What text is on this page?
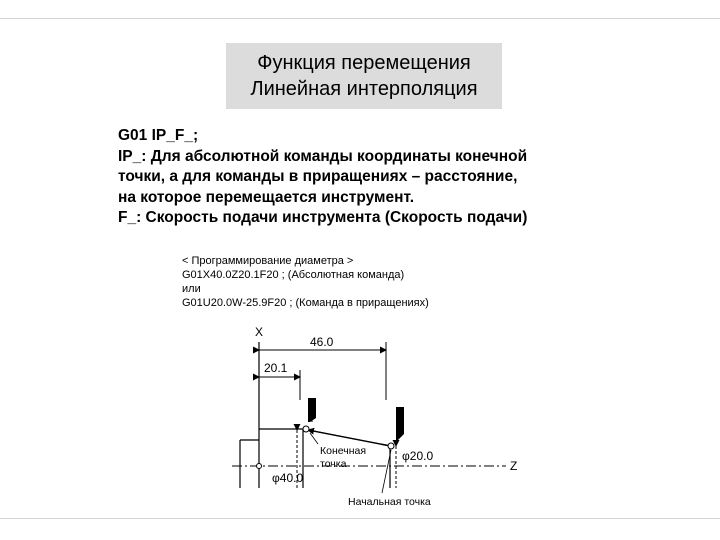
Функция перемещения
Линейная интерполяция
G01 IP_F_;
IP_: Для абсолютной команды координаты конечной
точки, а для команды в приращениях – расстояние,
на которое перемещается инструмент.
F_: Скорость подачи инструмента (Скорость подачи)
< Программирование диаметра >
G01X40.0Z20.1F20 ; (Абсолютная команда)
или
G01U20.0W-25.9F20 ; (Команда в приращениях)
X
Z
46.0
20.1
φ40.0
φ20.0
Конечная
точка
Начальная точка
